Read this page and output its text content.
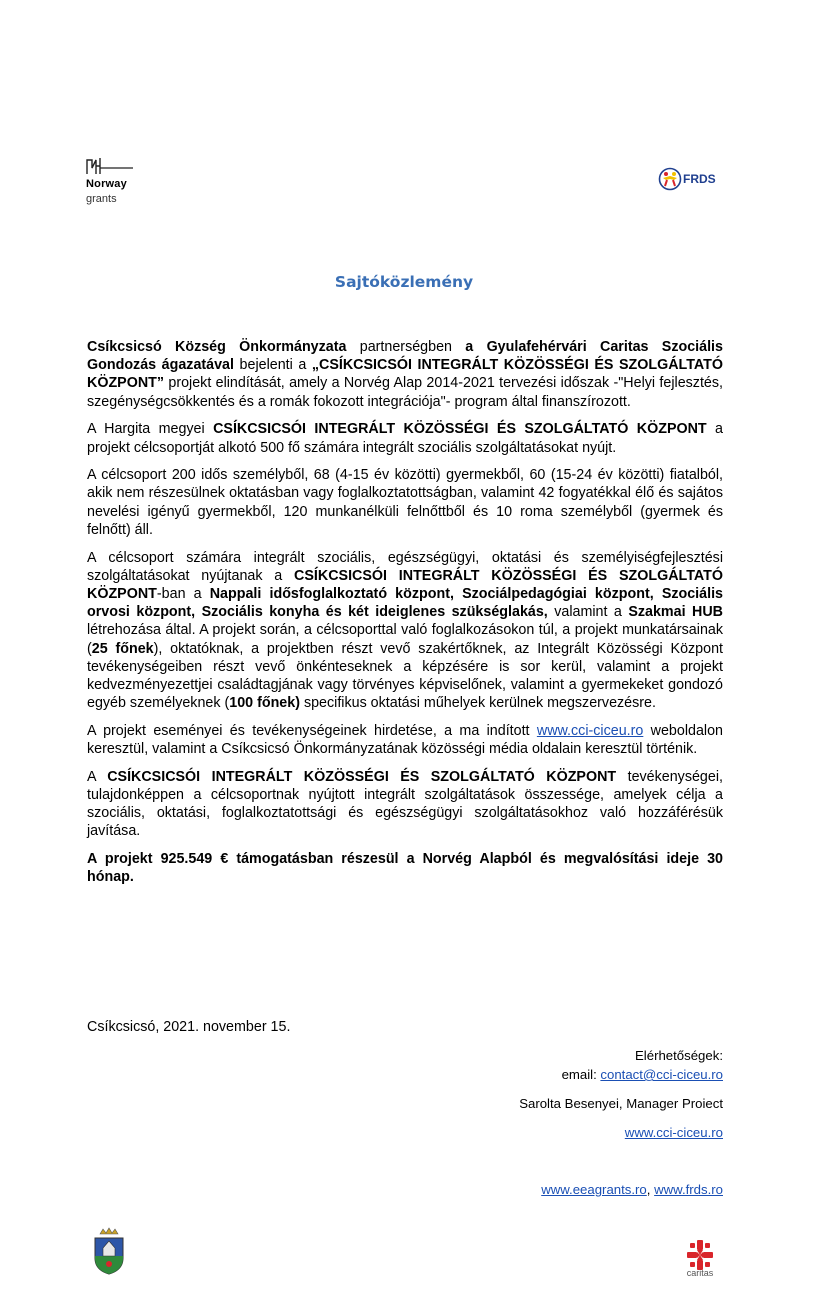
Norway
grants
FRDS
Sajtóközlemény

Csíkcsicsó Község Önkormányzata partnerségben a Gyulafehérvári Caritas Szociális Gondozás ágazatával bejelenti a „CSÍKCSICSÓI INTEGRÁLT KÖZÖSSÉGI ÉS SZOLGÁLTATÓ KÖZPONT” projekt elindítását, amely a Norvég Alap 2014-2021 tervezési időszak -"Helyi fejlesztés, szegénységcsökkentés és a romák fokozott integrációja"- program által finanszírozott.

A Hargita megyei CSÍKCSICSÓI INTEGRÁLT KÖZÖSSÉGI ÉS SZOLGÁLTATÓ KÖZPONT a projekt célcsoportját alkotó 500 fő számára integrált szociális szolgáltatásokat nyújt.

A célcsoport 200 idős személyből, 68 (4-15 év közötti) gyermekből, 60 (15-24 év közötti) fiatalból, akik nem részesülnek oktatásban vagy foglalkoztatottságban, valamint 42 fogyatékkal élő és sajátos nevelési igényű gyermekből, 120 munkanélküli felnőttből és 10 roma személyből (gyermek és felnőtt) áll.

A célcsoport számára integrált szociális, egészségügyi, oktatási és személyiségfejlesztési szolgáltatásokat nyújtanak a CSÍKCSICSÓI INTEGRÁLT KÖZÖSSÉGI ÉS SZOLGÁLTATÓ KÖZPONT-ban a Nappali idősfoglalkoztató központ, Szociálpedagógiai központ, Szociális orvosi központ, Szociális konyha és két ideiglenes szükséglakás, valamint a Szakmai HUB létrehozása által. A projekt során, a célcsoporttal való foglalkozásokon túl, a projekt munkatársainak (25 főnek), oktatóknak, a projektben részt vevő szakértőknek, az Integrált Közösségi Központ tevékenységeiben részt vevő önkénteseknek a képzésére is sor kerül, valamint a projekt kedvezményezettjei családtagjának vagy törvényes képviselőnek, valamint a gyermekeket gondozó egyéb személyeknek (100 főnek) specifikus oktatási műhelyek kerülnek megszervezésre.

A projekt eseményei és tevékenységeinek hirdetése, a ma indított www.cci-ciceu.ro weboldalon keresztül, valamint a Csíkcsicsó Önkormányzatának közösségi média oldalain keresztül történik.

A CSÍKCSICSÓI INTEGRÁLT KÖZÖSSÉGI ÉS SZOLGÁLTATÓ KÖZPONT tevékenységei, tulajdonképpen a célcsoportnak nyújtott integrált szolgáltatások összessége, amelyek célja a szociális, oktatási, foglalkoztatottsági és egészségügyi szolgáltatásokhoz való hozzáférésük javítása.

A projekt 925.549 € támogatásban részesül a Norvég Alapból és megvalósítási ideje 30 hónap.

Csíkcsicsó, 2021. november 15.
Elérhetőségek:
email: contact@cci-ciceu.ro
Sarolta Besenyei, Manager Proiect
www.cci-ciceu.ro
www.eeagrants.ro, www.frds.ro
caritas
